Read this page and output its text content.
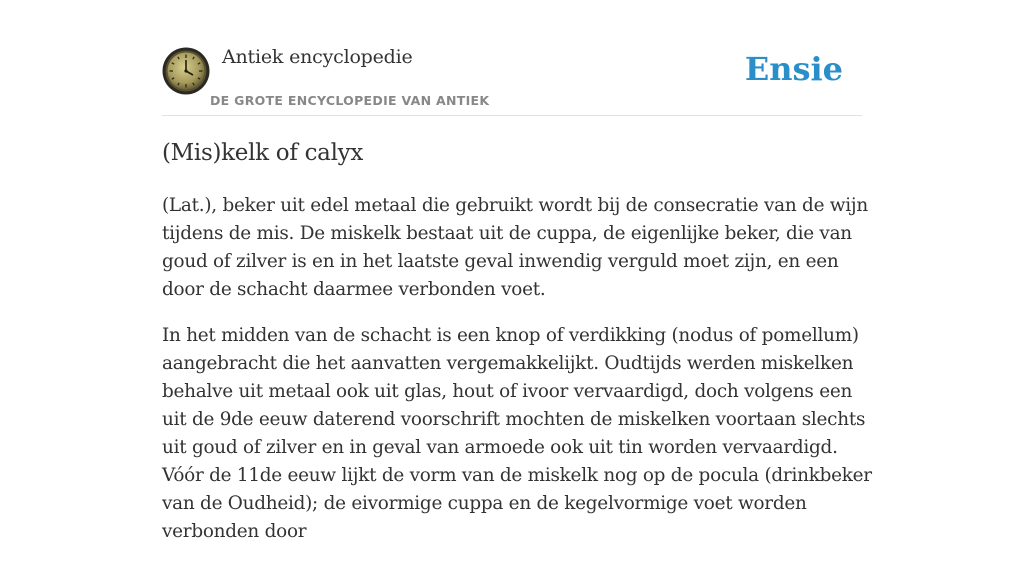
Antiek encyclopedie
DE GROTE ENCYCLOPEDIE VAN ANTIEK
Ensie
(Mis)kelk of calyx

(Lat.), beker uit edel metaal die gebruikt wordt bij de consecratie van de wijn tijdens de mis. De miskelk bestaat uit de cuppa, de eigenlijke beker, die van goud of zilver is en in het laatste geval inwendig verguld moet zijn, en een door de schacht daarmee verbonden voet.

In het midden van de schacht is een knop of verdikking (nodus of pomellum) aangebracht die het aanvatten vergemakkelijkt. Oudtijds werden miskelken behalve uit metaal ook uit glas, hout of ivoor vervaardigd, doch volgens een uit de 9de eeuw daterend voorschrift mochten de miskelken voortaan slechts uit goud of zilver en in geval van armoede ook uit tin worden vervaardigd. Vóór de 11de eeuw lijkt de vorm van de miskelk nog op de pocula (drinkbeker van de Oudheid); de eivormige cuppa en de kegelvormige voet worden verbonden door
